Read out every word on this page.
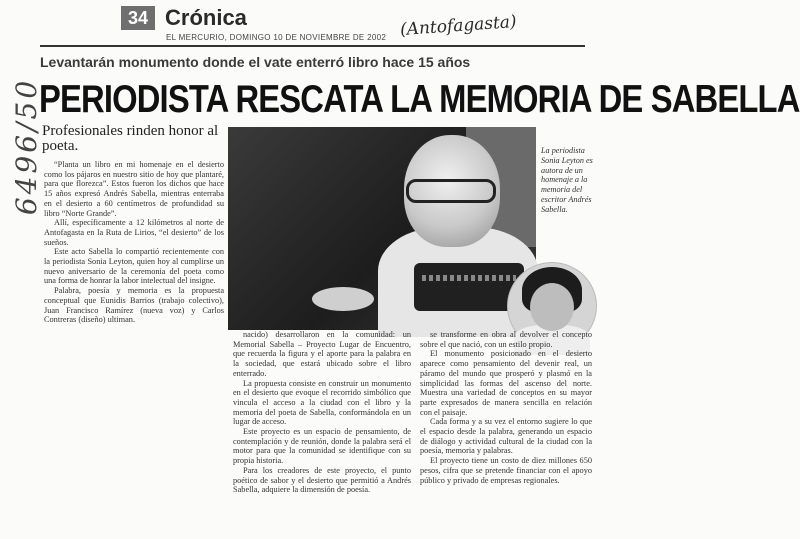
34 Crónica
EL MERCURIO, DOMINGO 10 DE NOVIEMBRE DE 2002 (Antofagasta)
6496/50
Levantarán monumento donde el vate enterró libro hace 15 años
PERIODISTA RESCATA LA MEMORIA DE SABELLA
Profesionales rinden honor al poeta.

“Planta un libro en mi homenaje en el desierto como los pájaros en nuestro sitio de hoy que plantaré, para que florezca”. Estos fueron los dichos que hace 15 años expresó Andrés Sabella, mientras enterraba en el desierto a 60 centímetros de profundidad su libro “Norte Grande”.

Allí, específicamente a 12 kilómetros al norte de Antofagasta en la Ruta de Lirios, “el desierto” de los sueños.

Este acto Sabella lo compartió recientemente con la periodista Sonia Leyton, quien hoy al cumplirse un nuevo aniversario de la ceremonia del poeta como una forma de honrar la labor intelectual del insigne.

Palabra, poesía y memoria es la propuesta conceptual que Eunidis Barrios (trabajo colectivo), Juan Francisco Ramírez (nueva voz) y Carlos Contreras (diseño) ultiman.

La periodista Sonia Leyton es autora de un homenaje a la memoria del escritor Andrés Sabella.

nacido) desarrollaron en la comunidad: un Memorial Sabella – Proyecto Lugar de Encuentro, que recuerda la figura y el aporte para la palabra en la sociedad, que estará ubicado sobre el libro enterrado.

La propuesta consiste en construir un monumento en el desierto que evoque el recorrido simbólico que vincula el acceso a la ciudad con el libro y la memoria del poeta de Sabella, conformándola en un lugar de acceso.

Este proyecto es un espacio de pensamiento, de contemplación y de reunión, donde la palabra será el motor para que la comunidad se identifique con su propia historia.

Para los creadores de este proyecto, el punto poético de sabor y el desierto que permitió a Andrés Sabella, adquiere la dimensión de poesía.

se transforme en obra al devolver el concepto sobre el que nació, con un estilo propio.

El monumento posicionado en el desierto aparece como pensamiento del devenir real, un páramo del mundo que prosperó y plasmó en la simplicidad las formas del ascenso del norte. Muestra una variedad de conceptos en su mayor parte expresados de manera sencilla en relación con el paisaje.

Cada forma y a su vez el entorno sugiere lo que el espacio desde la palabra, generando un espacio de diálogo y actividad cultural de la ciudad con la poesía, memoria y palabras.

El proyecto tiene un costo de diez millones 650 pesos, cifra que se pretende financiar con el apoyo público y privado de empresas regionales.
